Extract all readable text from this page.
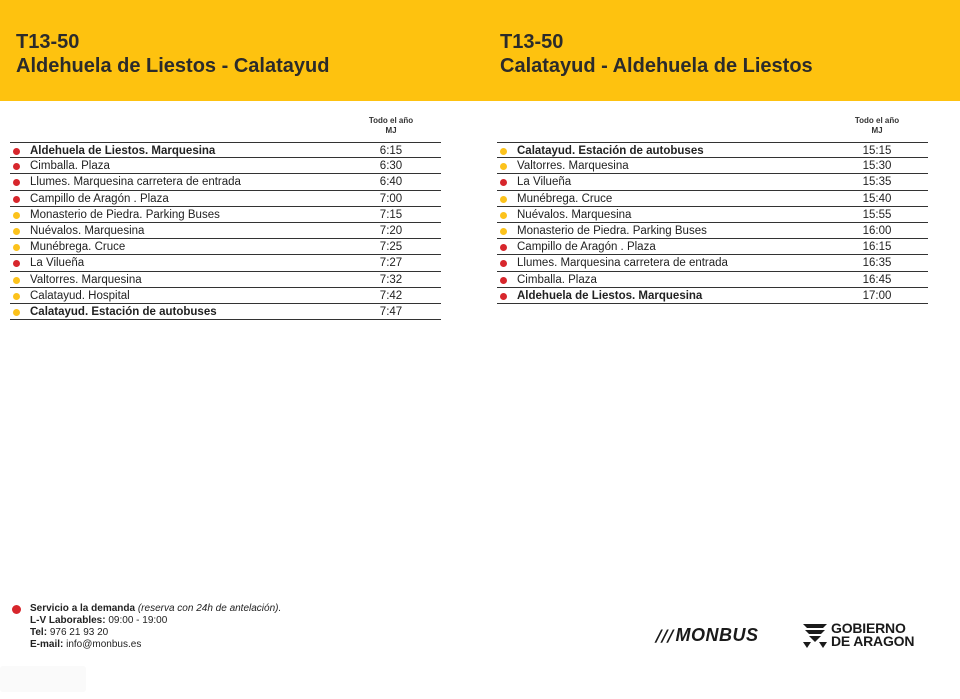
T13-50
Aldehuela de Liestos - Calatayud
T13-50
Calatayud - Aldehuela de Liestos
Todo el año
MJ
Aldehuela de Liestos. Marquesina	6:15
Cimballa. Plaza	6:30
Llumes. Marquesina carretera de entrada	6:40
Campillo de Aragón . Plaza	7:00
Monasterio de Piedra. Parking Buses	7:15
Nuévalos. Marquesina	7:20
Munébrega. Cruce	7:25
La Vilueña	7:27
Valtorres. Marquesina	7:32
Calatayud. Hospital	7:42
Calatayud. Estación de autobuses	7:47
Todo el año
MJ
Calatayud. Estación de autobuses	15:15
Valtorres. Marquesina	15:30
La Vilueña	15:35
Munébrega. Cruce	15:40
Nuévalos. Marquesina	15:55
Monasterio de Piedra. Parking Buses	16:00
Campillo de Aragón . Plaza	16:15
Llumes. Marquesina carretera de entrada	16:35
Cimballa. Plaza	16:45
Aldehuela de Liestos. Marquesina	17:00
Servicio a la demanda (reserva con 24h de antelación).
L-V Laborables: 09:00 - 19:00
Tel: 976 21 93 20
E-mail: info@monbus.es	/// MONBUS	GOBIERNO
DE ARAGON
